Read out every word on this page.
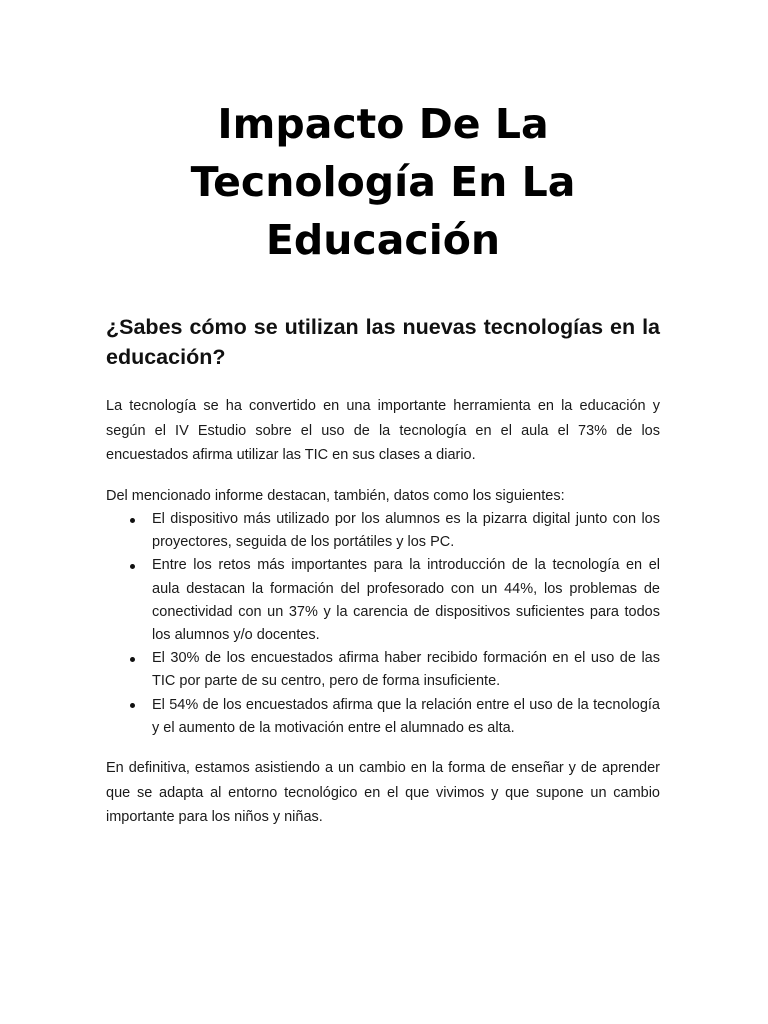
Impacto De La Tecnología En La Educación
¿Sabes cómo se utilizan las nuevas tecnologías en la educación?

La tecnología se ha convertido en una importante herramienta en la educación y según el IV Estudio sobre el uso de la tecnología en el aula el 73% de los encuestados afirma utilizar las TIC en sus clases a diario.

Del mencionado informe destacan, también, datos como los siguientes:

El dispositivo más utilizado por los alumnos es la pizarra digital junto con los proyectores, seguida de los portátiles y los PC.
Entre los retos más importantes para la introducción de la tecnología en el aula destacan la formación del profesorado con un 44%, los problemas de conectividad con un 37% y la carencia de dispositivos suficientes para todos los alumnos y/o docentes.
El 30% de los encuestados afirma haber recibido formación en el uso de las TIC por parte de su centro, pero de forma insuficiente.
El 54% de los encuestados afirma que la relación entre el uso de la tecnología y el aumento de la motivación entre el alumnado es alta.

En definitiva, estamos asistiendo a un cambio en la forma de enseñar y de aprender que se adapta al entorno tecnológico en el que vivimos y que supone un cambio importante para los niños y niñas.
